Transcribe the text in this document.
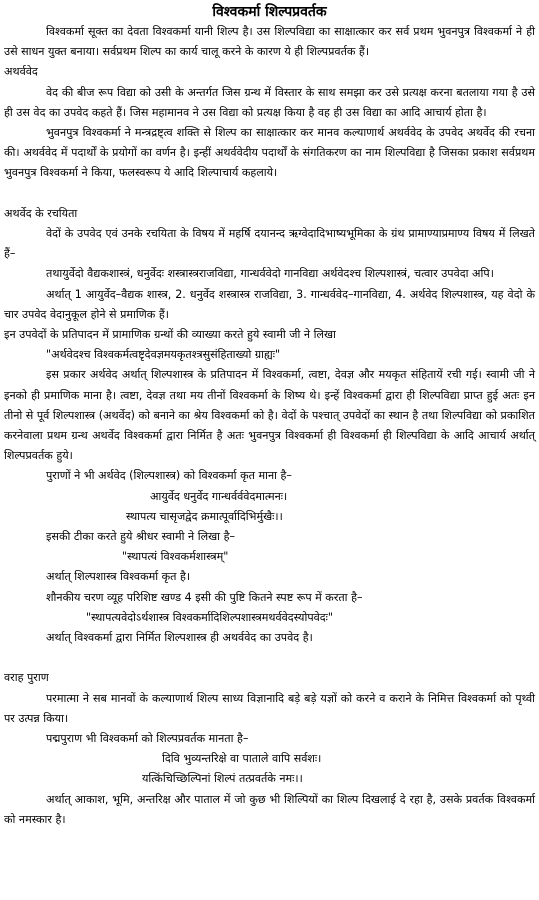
विश्वकर्मा शिल्पप्रवर्तक

विश्वकर्मा सूक्त का देवता विश्वकर्मा यानी शिल्प है। उस शिल्पविद्या का साक्षात्कार कर सर्व प्रथम भुवनपुत्र विश्वकर्मा ने ही उसे साधन युक्त बनाया। सर्वप्रथम शिल्प का कार्य चालू करने के कारण ये ही शिल्पप्रवर्तक हैं।

अथर्ववेद

वेद की बीज रूप विद्या को उसी के अन्तर्गत जिस ग्रन्थ में विस्तार के साथ समझा कर उसे प्रत्यक्ष करना बतलाया गया है उसे ही उस वेद का उपवेद कहते हैं। जिस महामानव ने उस विद्या को प्रत्यक्ष किया है वह ही उस विद्या का आदि आचार्य होता है।

भुवनपुत्र विश्वकर्मा ने मन्त्रद्रष्ट्त्व शक्ति से शिल्प का साक्षात्कार कर मानव कल्याणार्थ अथर्ववेद के उपवेद अथर्वेद की रचना की। अथर्ववेद में पदार्थों के प्रयोगों का वर्णन है। इन्हीं अथर्ववेदीय पदार्थों के संगतिकरण का नाम शिल्पविद्या है जिसका प्रकाश सर्वप्रथम भुवनपुत्र विश्वकर्मा ने किया, फलस्वरूप ये आदि शिल्पाचार्य कहलाये।

अथर्वेद के रचयिता

वेदों के उपवेद एवं उनके रचयिता के विषय में महर्षि दयानन्द ऋग्वेदादिभाष्यभूमिका के ग्रंथ प्रामाण्याप्रमाण्य विषय में लिखते हैं–

तथायुर्वेदो वैद्यकशास्त्रं, धनुर्वेदः शस्त्रास्त्रराजविद्या, गान्धर्ववेदो गानविद्या अर्थवेदश्च शिल्पशास्त्रं, चत्वार उपवेदा अपि।

अर्थात् 1 आयुर्वेद–वैद्यक शास्त्र, 2. धनुर्वेद शस्त्रास्त्र राजविद्या, 3. गान्धर्ववेद–गानविद्या, 4. अर्थवेद शिल्पशास्त्र, यह वेदो के चार उपवेद वेदानुकूल होने से प्रमाणिक हैं।

इन उपवेदों के प्रतिपादन में प्रामाणिक ग्रन्थों की व्याख्या करते हुये स्वामी जी ने लिखा

"अर्थवेदश्च विश्वकर्मत्वष्टृदेवज्ञमयकृतश्त्रसुसंहिताख्यो ग्राह्यः"

इस प्रकार अर्थवेद अर्थात् शिल्पशास्त्र के प्रतिपादन में विश्वकर्मा, त्वष्टा, देवज्ञ और मयकृत संहितायें रची गई। स्वामी जी ने इनको ही प्रमाणिक माना है। त्वष्टा, देवज्ञ तथा मय तीनों विश्वकर्मा के शिष्य थे। इन्हें विश्वकर्मा द्वारा ही शिल्पविद्या प्राप्त हुई अतः इन तीनो से पूर्व शिल्पशास्त्र (अथर्वेद) को बनाने का श्रेय विश्वकर्मा को है। वेदों के पश्चात् उपवेदों का स्थान है तथा शिल्पविद्या को प्रकाशित करनेवाला प्रथम ग्रन्थ अथर्वेद विश्वकर्मा द्वारा निर्मित है अतः भुवनपुत्र विश्वकर्मा ही विश्वकर्मा ही शिल्पविद्या के आदि आचार्य अर्थात् शिल्पप्रवर्तक हुये।

पुराणों ने भी अर्थवेद (शिल्पशास्त्र) को विश्वकर्मा कृत माना है–

आयुर्वेद धनुर्वेद गान्धर्वर्ववेदमात्मनः।
स्थापत्य चासृजद्वेद क्रमात्पूर्वादिभिर्मुखैः।।

इसकी टीका करते हुये श्रीधर स्वामी ने लिखा है–

"स्थापत्यं विश्वकर्मशास्त्रम्"

अर्थात् शिल्पशास्त्र विश्वकर्मा कृत है।

शौनकीय चरण व्यूह परिशिष्ट खण्ड 4 इसी की पुष्टि कितने स्पष्ट रूप में करता है–

"स्थापत्यवेदोऽर्थशास्त्र विश्वकर्मादिशिल्पशास्त्रमथर्ववेदस्योपवेदः"

अर्थात् विश्वकर्मा द्वारा निर्मित शिल्पशास्त्र ही अथर्ववेद का उपवेद है।

वराह पुराण

परमात्मा ने सब मानवों के कल्याणार्थ शिल्प साध्य विज्ञानादि बड़े बड़े यज्ञों को करने व कराने के निमित्त विश्वकर्मा को पृथ्वी पर उत्पन्न किया।

पद्मपुराण भी विश्वकर्मा को शिल्पप्रवर्तक मानता है–

दिवि भुव्यन्तरिक्षे वा पाताले वापि सर्वशः।
यत्किंचिच्छिल्पिनां शिल्पं तत्प्रवर्तके नमः।।

अर्थात् आकाश, भूमि, अन्तरिक्ष और पाताल में जो कुछ भी शिल्पियों का शिल्प दिखलाई दे रहा है, उसके प्रवर्तक विश्वकर्मा को नमस्कार है।
